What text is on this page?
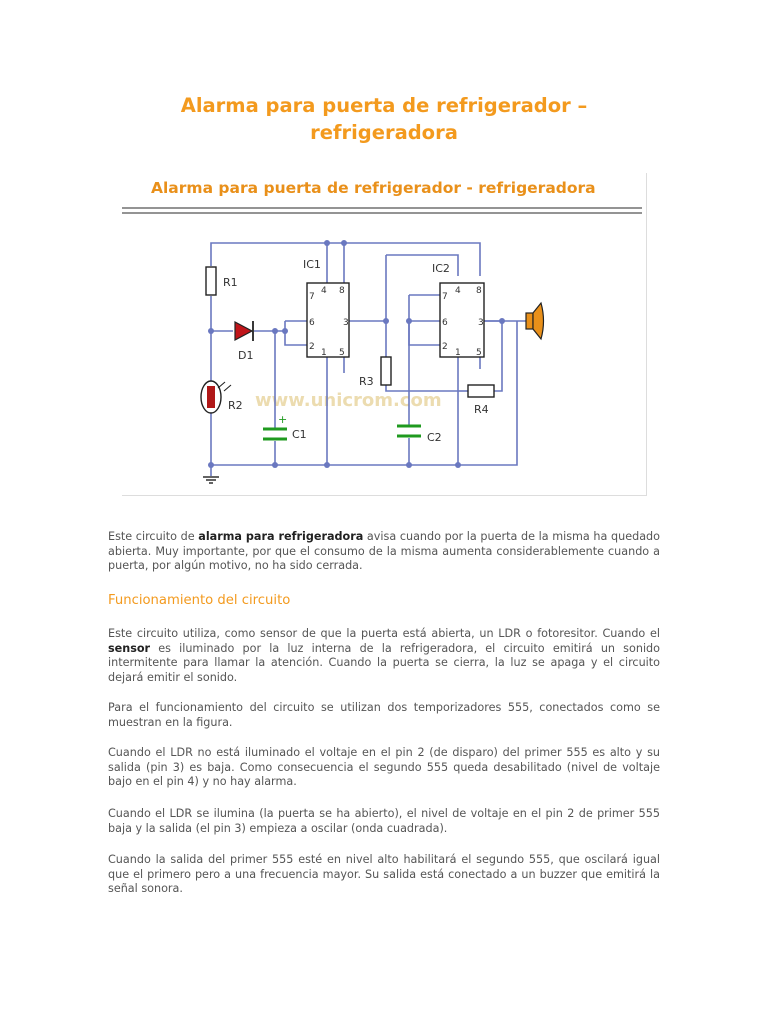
Alarma para puerta de refrigerador – refrigeradora
Alarma para puerta de refrigerador - refrigeradora
www.unicrom.com
R1
D1
R2
+
C1
IC1
4 8
7
6
2
3
1 5
R3
C2
IC2
4 8
7
6
2
3
1 5
R4

Este circuito de alarma para refrigeradora avisa cuando por la puerta de la misma ha quedado abierta. Muy importante, por que el consumo de la misma aumenta considerablemente cuando a puerta, por algún motivo, no ha sido cerrada.

Funcionamiento del circuito

Este circuito utiliza, como sensor de que la puerta está abierta, un LDR o fotoresitor. Cuando el sensor es iluminado por la luz interna de la refrigeradora, el circuito emitirá un sonido intermitente para llamar la atención. Cuando la puerta se cierra, la luz se apaga y el circuito dejará emitir el sonido.

Para el funcionamiento del circuito se utilizan dos temporizadores 555, conectados como se muestran en la figura.

Cuando el LDR no está iluminado el voltaje en el pin 2 (de disparo) del primer 555 es alto y su salida (pin 3) es baja. Como consecuencia el segundo 555 queda desabilitado (nivel de voltaje bajo en el pin 4) y no hay alarma.

Cuando el LDR se ilumina (la puerta se ha abierto), el nivel de voltaje en el pin 2 de primer 555 baja y la salida (el pin 3) empieza a oscilar (onda cuadrada).

Cuando la salida del primer 555 esté en nivel alto habilitará el segundo 555, que oscilará igual que el primero pero a una frecuencia mayor. Su salida está conectado a un buzzer que emitirá la señal sonora.
